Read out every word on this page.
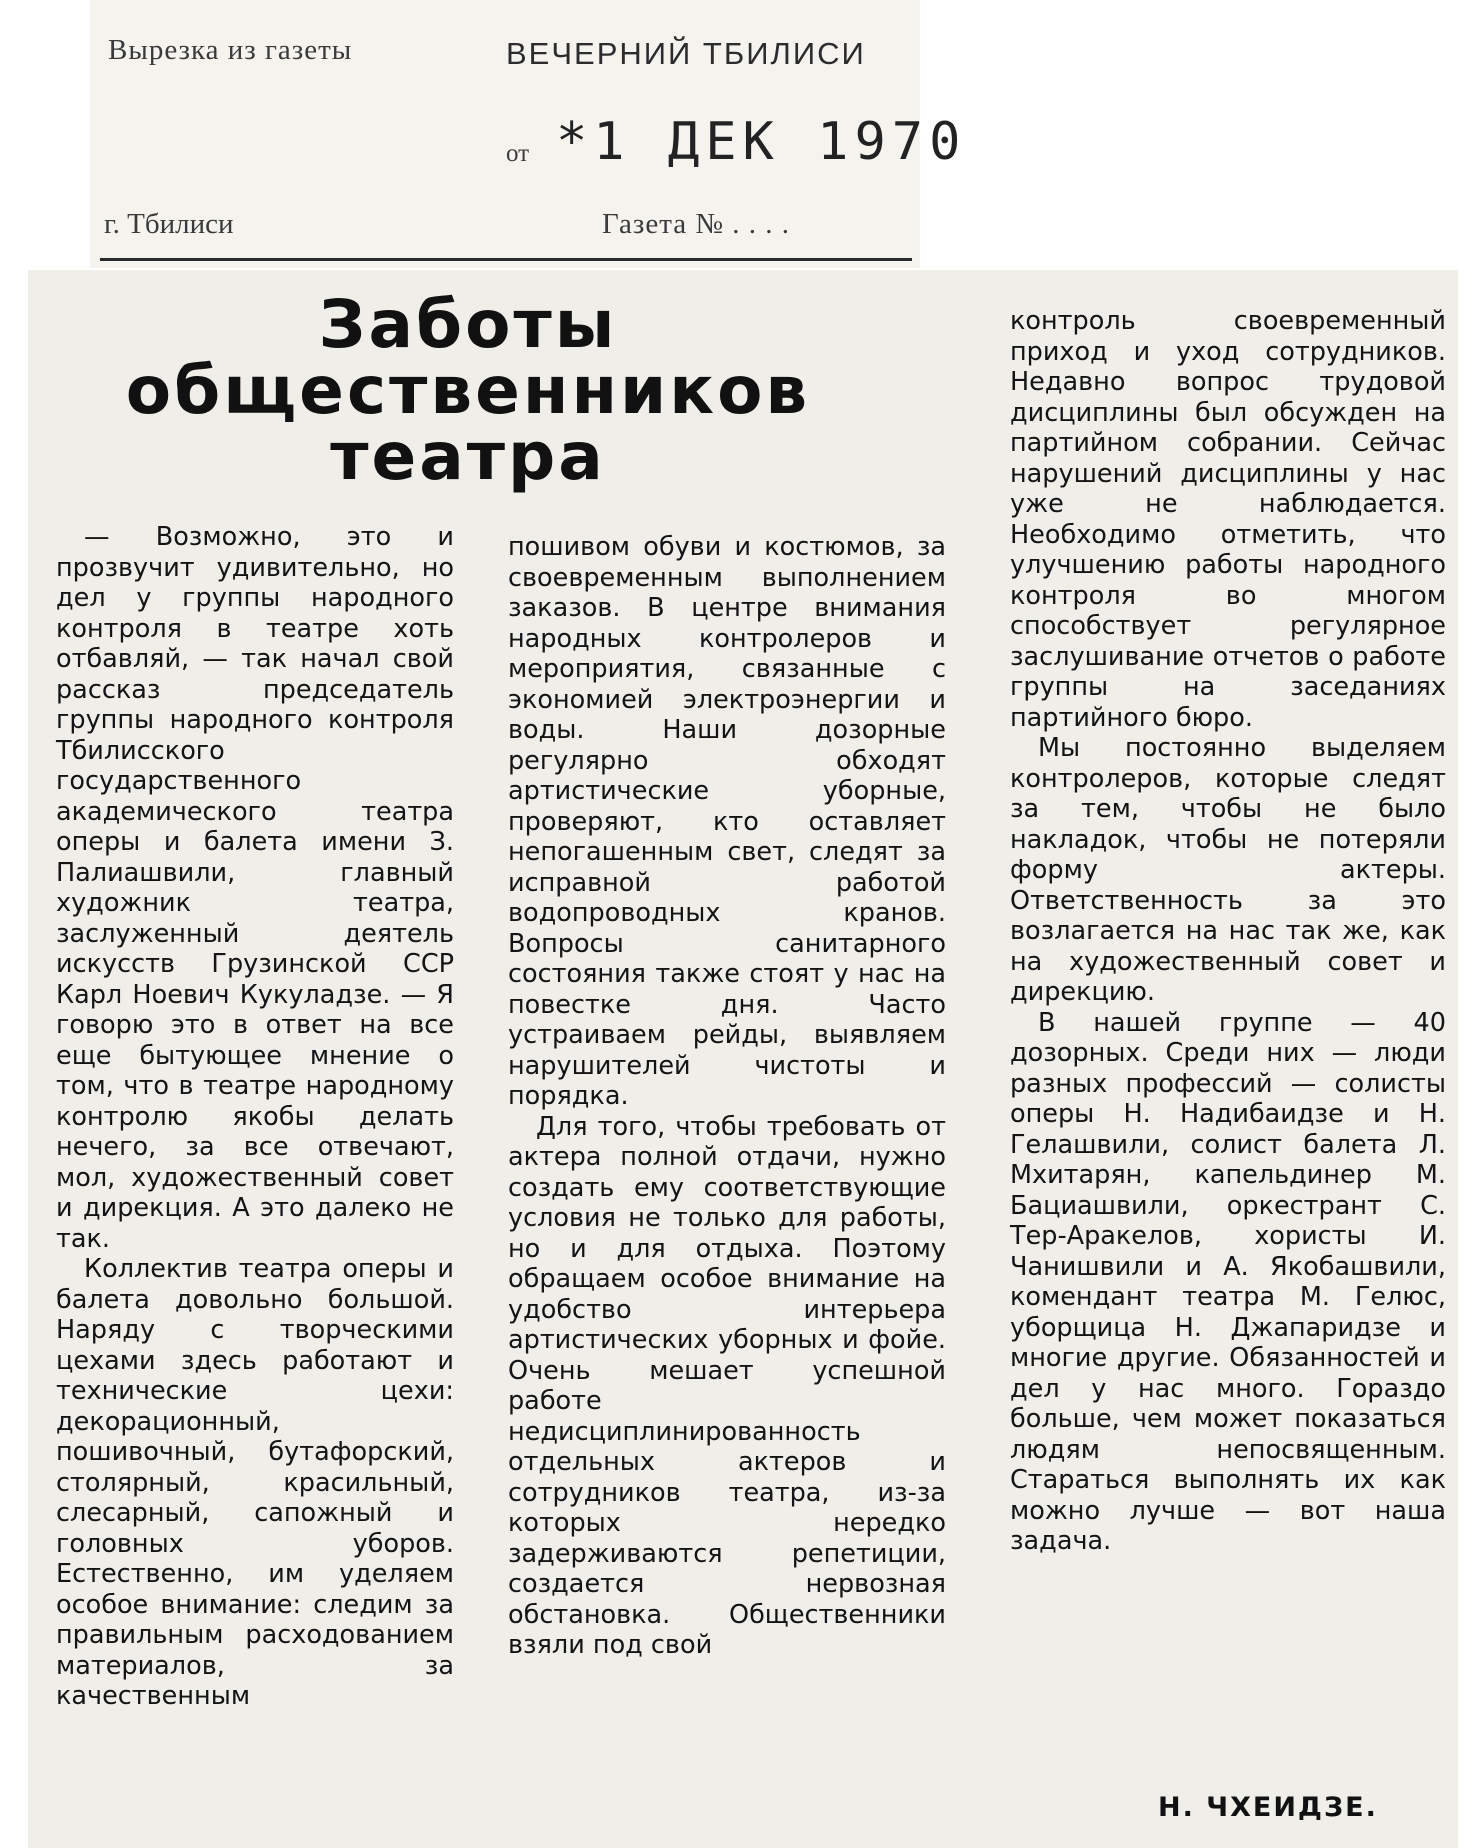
Вырезка из газеты	ВЕЧЕРНИЙ ТБИЛИСИ
от *1 ДЕК 1970
г. Тбилиси	Газета № . . . .
Заботы
общественников
театра

— Возможно, это и прозвучит удивительно, но дел у группы народного контроля в театре хоть отбавляй, — так начал свой рассказ председатель группы народного контроля Тбилисского государственного академического театра оперы и балета имени З. Палиашвили, главный художник театра, заслуженный деятель искусств Грузинской ССР Карл Ноевич Кукуладзе. — Я говорю это в ответ на все еще бытующее мнение о том, что в театре народному контролю якобы делать нечего, за все отвечают, мол, художественный совет и дирекция. А это далеко не так.

Коллектив театра оперы и балета довольно большой. Наряду с творческими цехами здесь работают и технические цехи: декорационный, пошивочный, бутафорский, столярный, красильный, слесарный, сапожный и головных уборов. Естественно, им уделяем особое внимание: следим за правильным расходованием материалов, за качественным

пошивом обуви и костюмов, за своевременным выполнением заказов. В центре внимания народных контролеров и мероприятия, связанные с экономией электроэнергии и воды. Наши дозорные регулярно обходят артистические уборные, проверяют, кто оставляет непогашенным свет, следят за исправной работой водопроводных кранов. Вопросы санитарного состояния также стоят у нас на повестке дня. Часто устраиваем рейды, выявляем нарушителей чистоты и порядка.

Для того, чтобы требовать от актера полной отдачи, нужно создать ему соответствующие условия не только для работы, но и для отдыха. Поэтому обращаем особое внимание на удобство интерьера артистических уборных и фойе. Очень мешает успешной работе недисциплинированность отдельных актеров и сотрудников театра, из-за которых нередко задерживаются репетиции, создается нервозная обстановка. Общественники взяли под свой

контроль своевременный приход и уход сотрудников. Недавно вопрос трудовой дисциплины был обсужден на партийном собрании. Сейчас нарушений дисциплины у нас уже не наблюдается. Необходимо отметить, что улучшению работы народного контроля во многом способствует регулярное заслушивание отчетов о работе группы на заседаниях партийного бюро.

Мы постоянно выделяем контролеров, которые следят за тем, чтобы не было накладок, чтобы не потеряли форму актеры. Ответственность за это возлагается на нас так же, как на художественный совет и дирекцию.

В нашей группе — 40 дозорных. Среди них — люди разных профессий — солисты оперы Н. Надибаидзе и Н. Гелашвили, солист балета Л. Мхитарян, капельдинер М. Бациашвили, оркестрант С. Тер-Аракелов, хористы И. Чанишвили и А. Якобашвили, комендант театра М. Гелюс, уборщица Н. Джапаридзе и многие другие. Обязанностей и дел у нас много. Гораздо больше, чем может показаться людям непосвященным. Стараться выполнять их как можно лучше — вот наша задача.

Н. ЧХЕИДЗЕ.
